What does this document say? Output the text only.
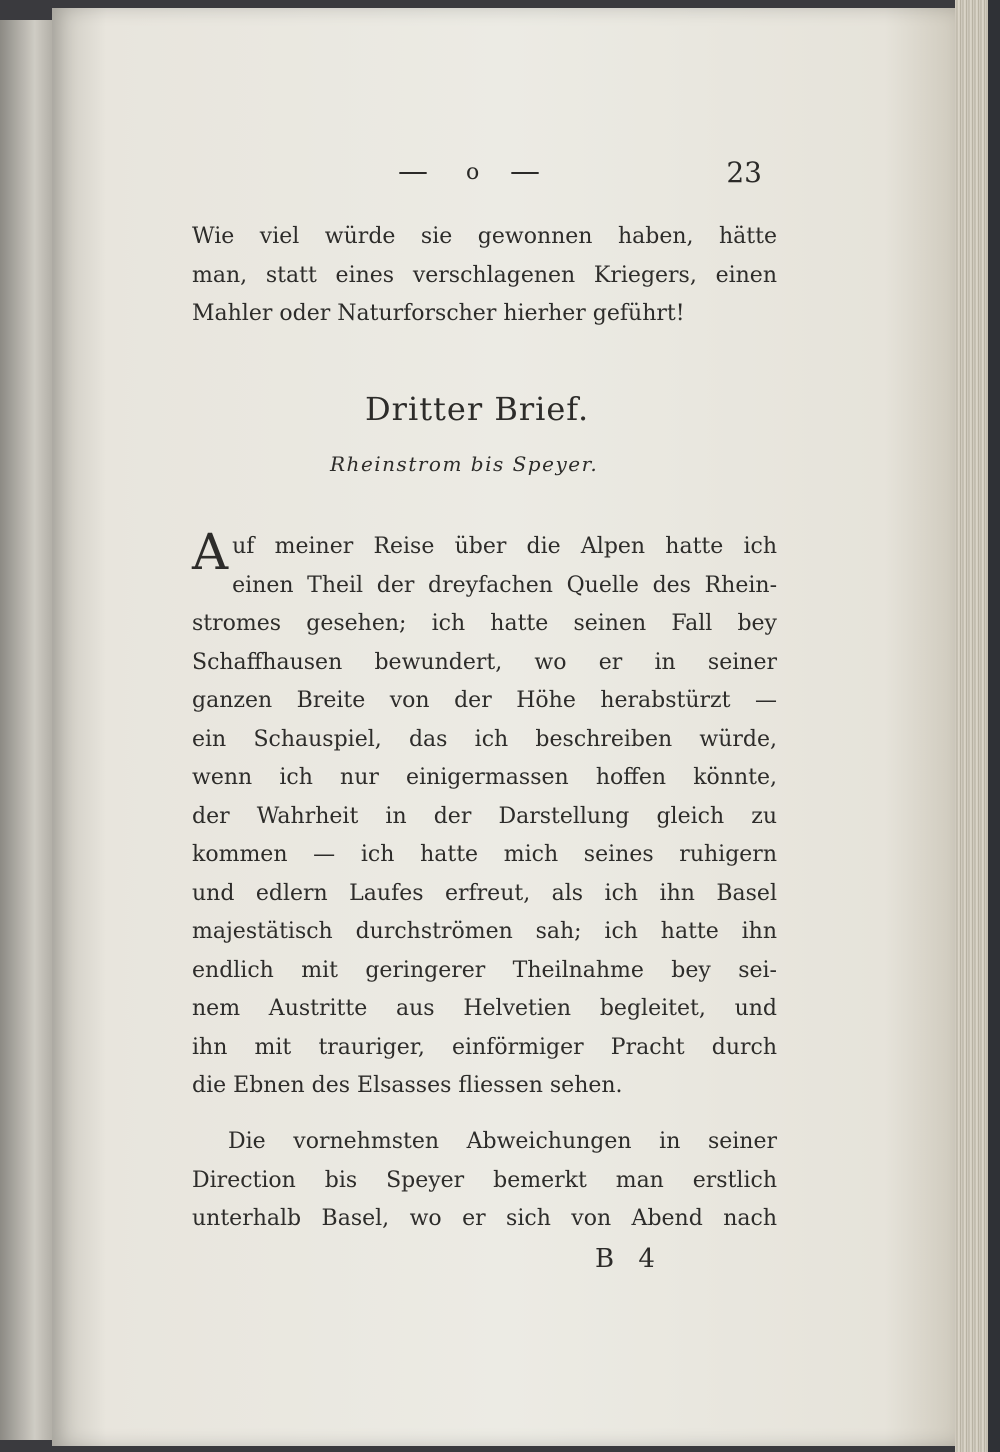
— o —	23
Wie viel würde sie gewonnen haben, hätte
man, statt eines verschlagenen Kriegers, einen
Mahler oder Naturforscher hierher geführt!
Dritter Brief.
Rheinstrom bis Speyer.
A uf meiner Reise über die Alpen hatte ich
einen Theil der dreyfachen Quelle des Rhein-
stromes gesehen; ich hatte seinen Fall bey
Schaffhausen bewundert, wo er in seiner
ganzen Breite von der Höhe herabstürzt —
ein Schauspiel, das ich beschreiben würde,
wenn ich nur einigermassen hoffen könnte,
der Wahrheit in der Darstellung gleich zu
kommen — ich hatte mich seines ruhigern
und edlern Laufes erfreut, als ich ihn Basel
majestätisch durchströmen sah; ich hatte ihn
endlich mit geringerer Theilnahme bey sei-
nem Austritte aus Helvetien begleitet, und
ihn mit trauriger, einförmiger Pracht durch
die Ebnen des Elsasses fliessen sehen.
Die vornehmsten Abweichungen in seiner
Direction bis Speyer bemerkt man erstlich
unterhalb Basel, wo er sich von Abend nach
B 4
